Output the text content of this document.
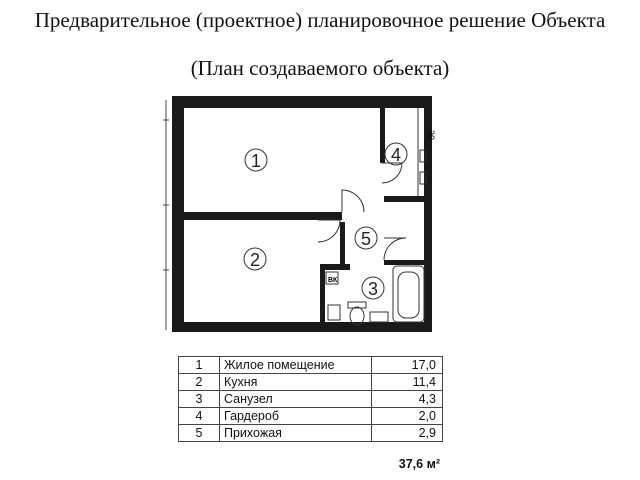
Предварительное (проектное) планировочное решение Объекта
(План создаваемого объекта)
30
ВК
1
2
3
4
5
1	Жилое помещение	17,0
2	Кухня	11,4
3	Санузел	4,3
4	Гардероб	2,0
5	Прихожая	2,9
37,6 м²
